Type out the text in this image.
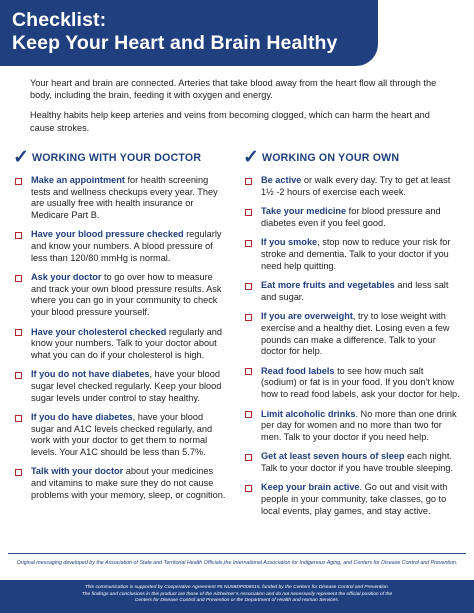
Checklist:
Keep Your Heart and Brain Healthy

Your heart and brain are connected. Arteries that take blood away from the heart flow all through the body, including the brain, feeding it with oxygen and energy.

Healthy habits help keep arteries and veins from becoming clogged, which can harm the heart and cause strokes.

✓ WORKING WITH YOUR DOCTOR
Make an appointment for health screening tests and wellness checkups every year. They are usually free with health insurance or Medicare Part B.
Have your blood pressure checked regularly and know your numbers. A blood pressure of less than 120/80 mmHg is normal.
Ask your doctor to go over how to measure and track your own blood pressure results. Ask where you can go in your community to check your blood pressure yourself.
Have your cholesterol checked regularly and know your numbers. Talk to your doctor about what you can do if your cholesterol is high.
If you do not have diabetes, have your blood sugar level checked regularly. Keep your blood sugar levels under control to stay healthy.
If you do have diabetes, have your blood sugar and A1C levels checked regularly, and work with your doctor to get them to normal levels. Your A1C should be less than 5.7%.
Talk with your doctor about your medicines and vitamins to make sure they do not cause problems with your memory, sleep, or cognition.
✓ WORKING ON YOUR OWN
Be active or walk every day. Try to get at least 1½ -2 hours of exercise each week.
Take your medicine for blood pressure and diabetes even if you feel good.
If you smoke, stop now to reduce your risk for stroke and dementia. Talk to your doctor if you need help quitting.
Eat more fruits and vegetables and less salt and sugar.
If you are overweight, try to lose weight with exercise and a healthy diet. Losing even a few pounds can make a difference. Talk to your doctor for help.
Read food labels to see how much salt (sodium) or fat is in your food. If you don’t know how to read food labels, ask your doctor for help.
Limit alcoholic drinks. No more than one drink per day for women and no more than two for men. Talk to your doctor if you need help.
Get at least seven hours of sleep each night. Talk to your doctor if you have trouble sleeping.
Keep your brain active. Go out and visit with people in your community, take classes, go to local events, play games, and stay active.
Original messaging developed by the Association of State and Territorial Health Officials,the International Association for Indigenous Aging, and Centers for Disease Control and Prevention.
This communication is supported by Cooperative Agreement #5 NU58DP006515, funded by the Centers for Disease Control and Prevention.
The findings and conclusions in this product are those of the Alzheimer’s Association and do not necessarily represent the official position of the
Centers for Disease Control and Prevention or the Department of Health and Human Services.
